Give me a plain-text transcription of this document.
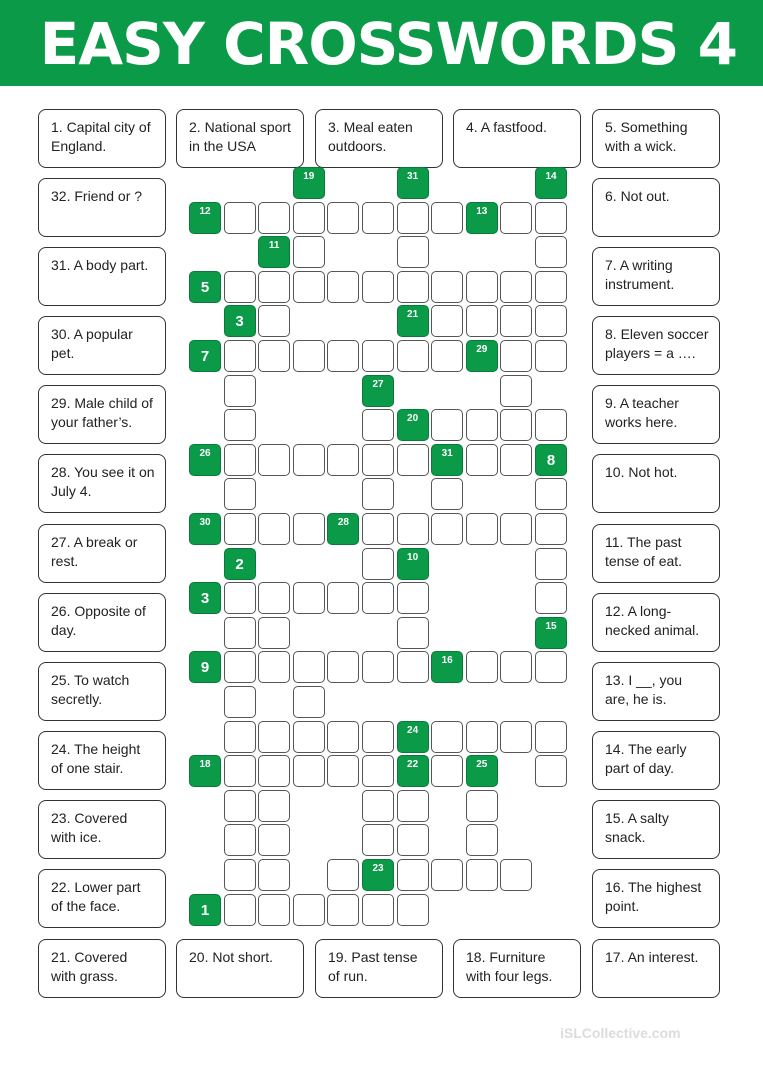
EASY CROSSWORDS 4
1. Capital city of England.
2. National sport in the USA
3. Meal eaten outdoors.
4. A fastfood.	5. Something with a wick.
21. Covered with grass.
20. Not short.	19. Past tense of run.
18. Furniture with four legs.
17. An interest.
32. Friend or ?
31. A body part.
30. A popular pet.
29. Male child of your father’s.
28. You see it on July 4.
27. A break or rest.
26. Opposite of day.
25. To watch secretly.
24. The height of one stair.
23. Covered with ice.
22. Lower part of the face.
6. Not out.
7. A writing instrument.
8. Eleven soccer players = a ….
9. A teacher works here.
10. Not hot.
11. The past tense of eat.
12. A long-necked animal.
13. I __, you are, he is.
14. The early part of day.
15. A salty snack.
16. The highest point.
19	31	14
12	13
11
5
3	21
7	29
27
20
26	31	8
30	28
2	10
3
15
9	16
24
18	22	25
23
1
iSLCollective.com
